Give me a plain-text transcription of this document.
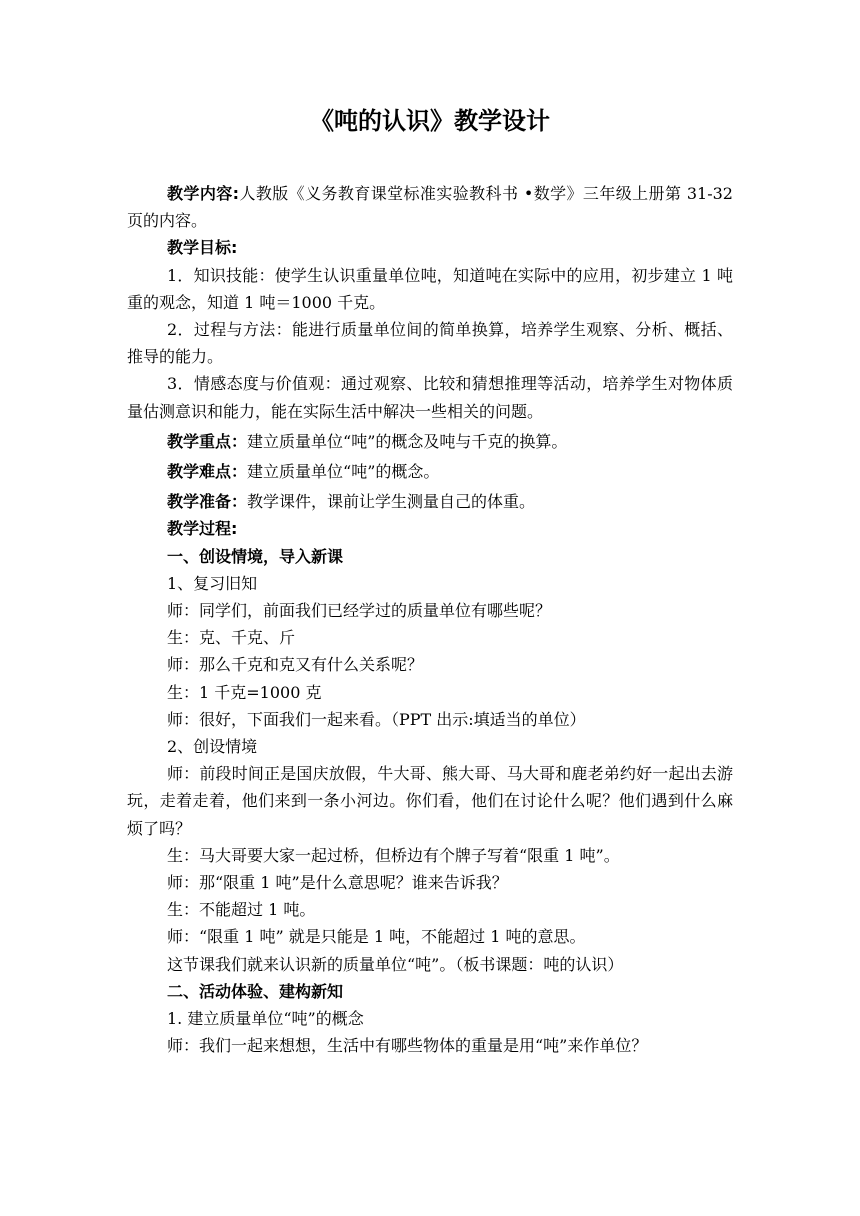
《吨的认识》教学设计

教学内容:人教版《义务教育课堂标准实验教科书 •数学》三年级上册第 31-32 页的内容。

教学目标:

1．知识技能：使学生认识重量单位吨，知道吨在实际中的应用，初步建立 1 吨重的观念，知道 1 吨＝1000 千克。

2．过程与方法：能进行质量单位间的简单换算，培养学生观察、分析、概括、推导的能力。

3．情感态度与价值观：通过观察、比较和猜想推理等活动，培养学生对物体质量估测意识和能力，能在实际生活中解决一些相关的问题。

教学重点：建立质量单位“吨”的概念及吨与千克的换算。

教学难点：建立质量单位“吨”的概念。

教学准备：教学课件，课前让学生测量自己的体重。

教学过程:

一、创设情境，导入新课

1、复习旧知

师：同学们，前面我们已经学过的质量单位有哪些呢？

生：克、千克、斤

师：那么千克和克又有什么关系呢？

生：1 千克=1000 克

师：很好，下面我们一起来看。（PPT 出示:填适当的单位）

2、创设情境

师：前段时间正是国庆放假，牛大哥、熊大哥、马大哥和鹿老弟约好一起出去游玩，走着走着，他们来到一条小河边。你们看，他们在讨论什么呢？他们遇到什么麻烦了吗？

生：马大哥要大家一起过桥，但桥边有个牌子写着“限重 1 吨”。

师：那“限重 1 吨”是什么意思呢？谁来告诉我？

生：不能超过 1 吨。

师：“限重 1 吨” 就是只能是 1 吨，不能超过 1 吨的意思。

这节课我们就来认识新的质量单位“吨”。（板书课题：吨的认识）

二、活动体验、建构新知

1. 建立质量单位“吨”的概念

师：我们一起来想想，生活中有哪些物体的重量是用“吨”来作单位？
